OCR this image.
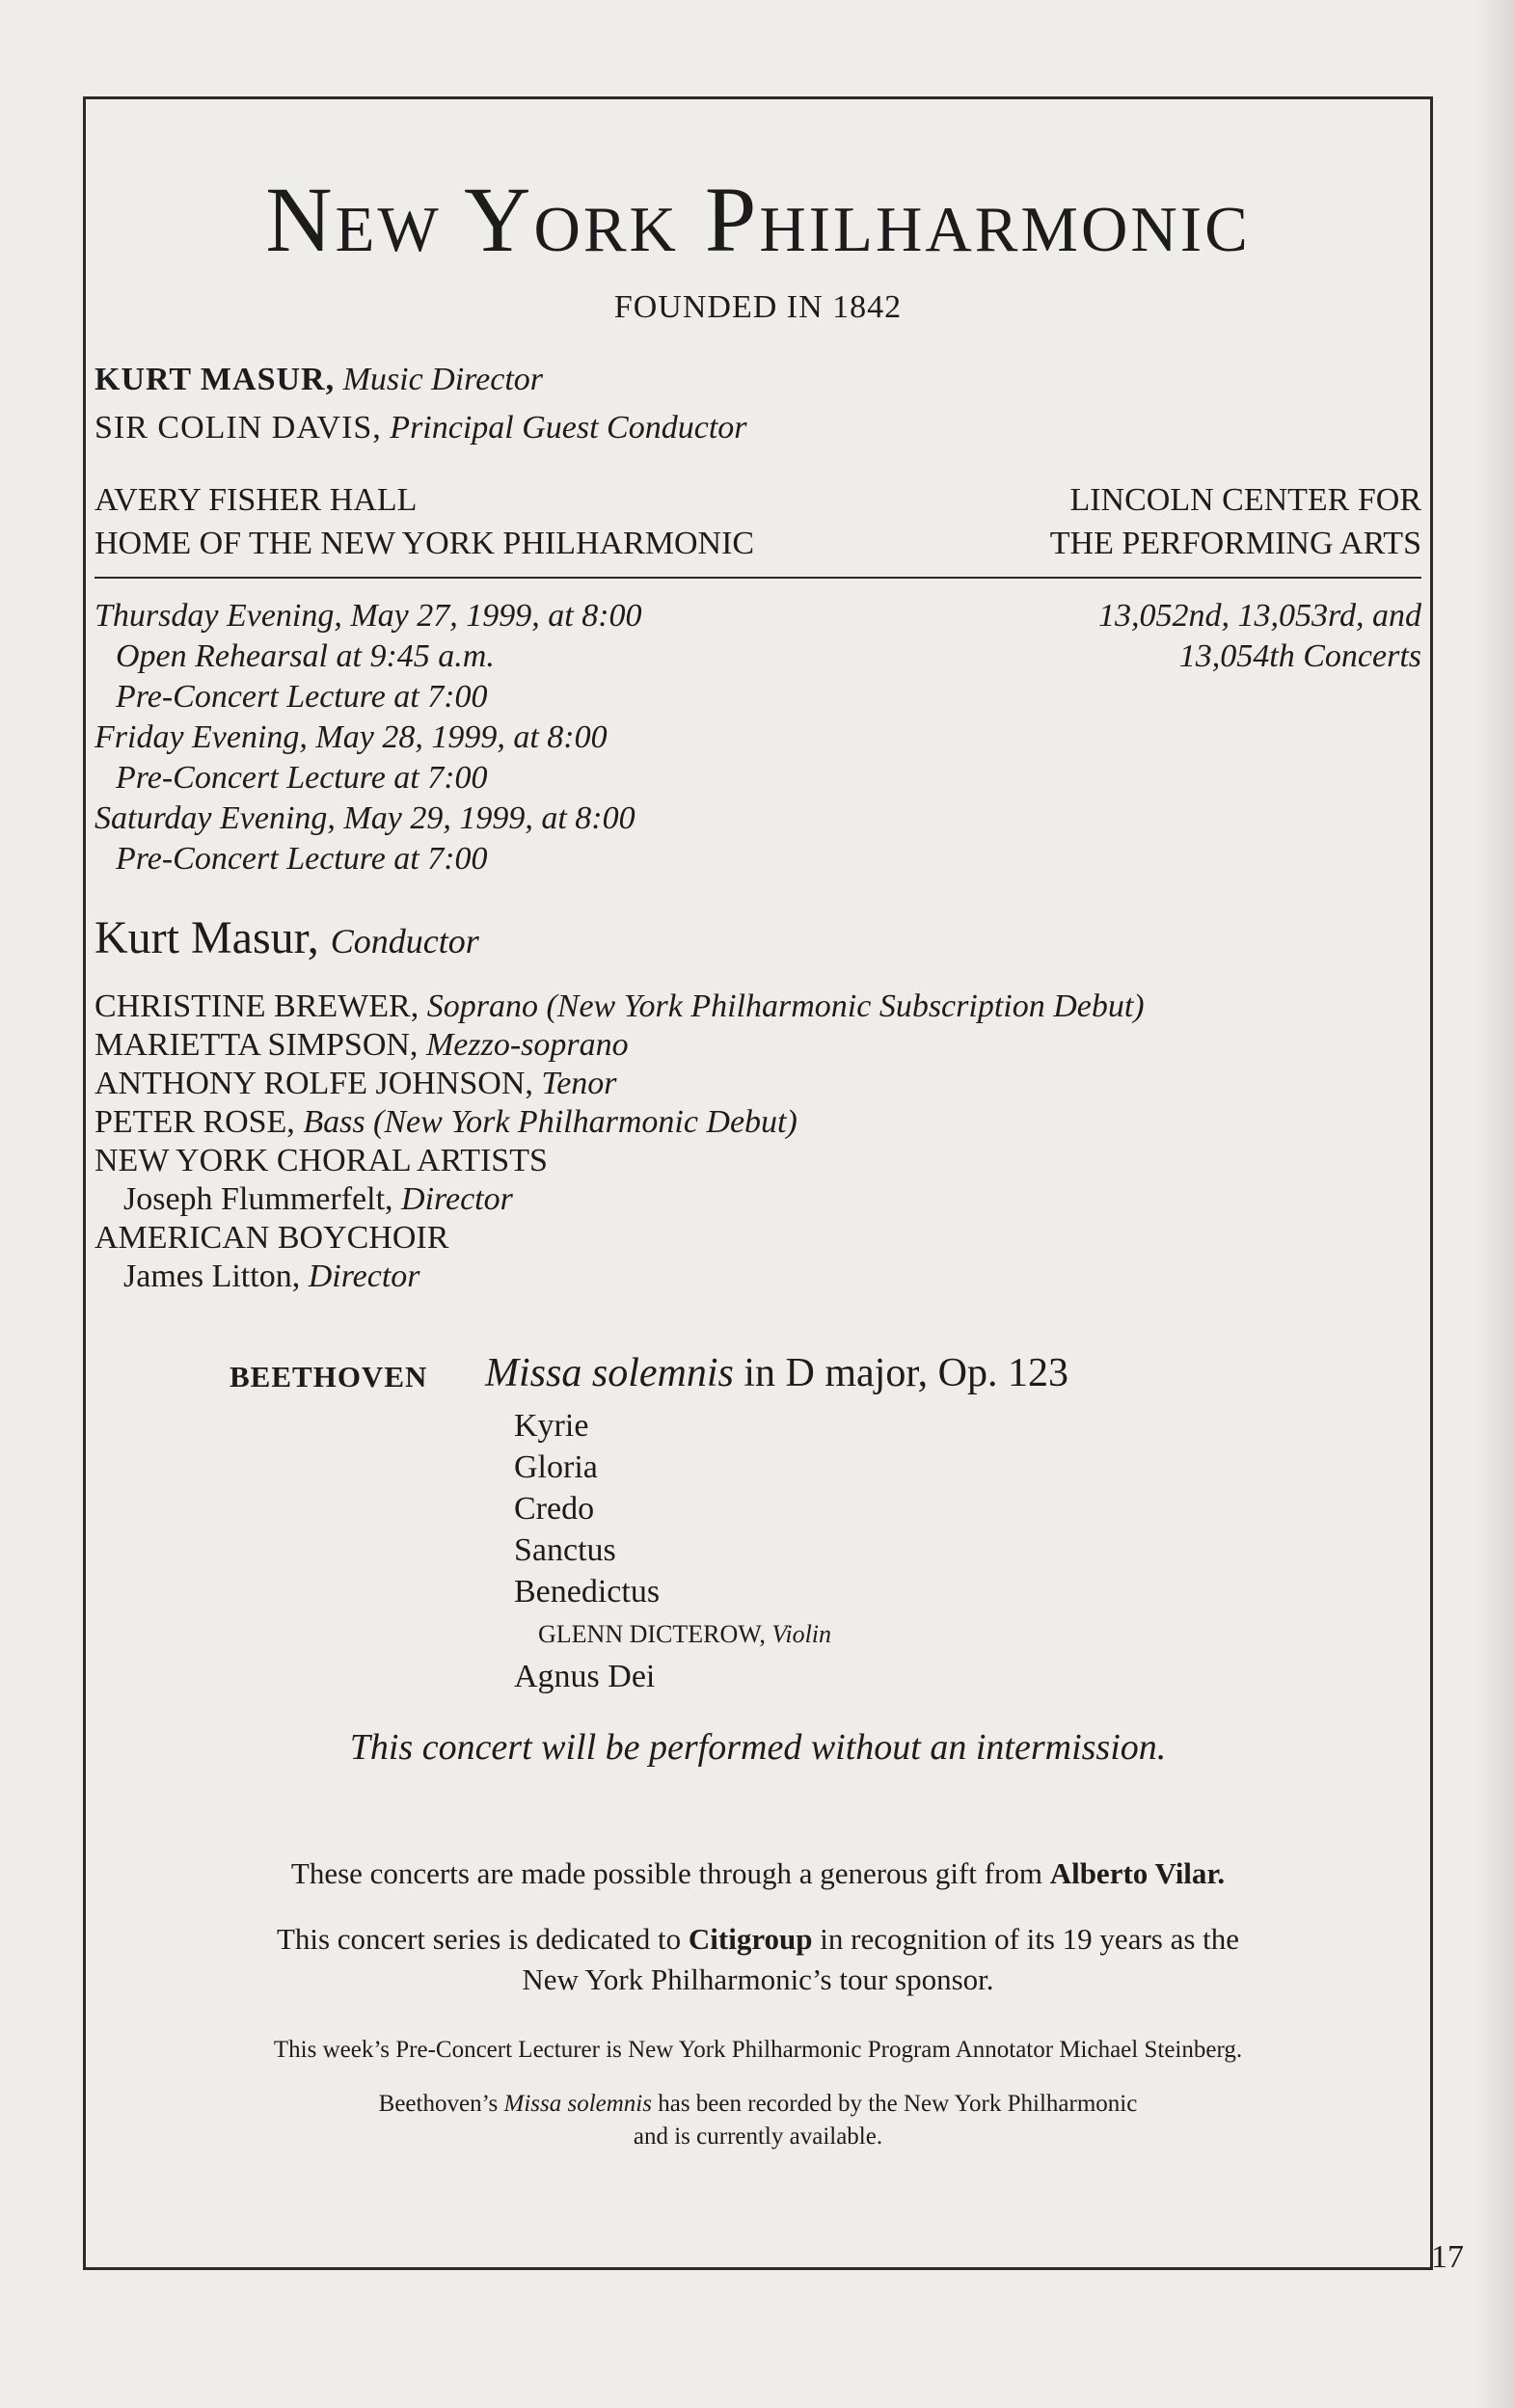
New York Philharmonic
FOUNDED IN 1842
KURT MASUR, Music Director
SIR COLIN DAVIS, Principal Guest Conductor
AVERY FISHER HALL
HOME OF THE NEW YORK PHILHARMONIC
LINCOLN CENTER FOR
THE PERFORMING ARTS
Thursday Evening, May 27, 1999, at 8:00
Open Rehearsal at 9:45 a.m.
Pre-Concert Lecture at 7:00
Friday Evening, May 28, 1999, at 8:00
Pre-Concert Lecture at 7:00
Saturday Evening, May 29, 1999, at 8:00
Pre-Concert Lecture at 7:00
13,052nd, 13,053rd, and
13,054th Concerts
Kurt Masur, Conductor
CHRISTINE BREWER, Soprano (New York Philharmonic Subscription Debut)
MARIETTA SIMPSON, Mezzo-soprano
ANTHONY ROLFE JOHNSON, Tenor
PETER ROSE, Bass (New York Philharmonic Debut)
NEW YORK CHORAL ARTISTS
Joseph Flummerfelt, Director
AMERICAN BOYCHOIR
James Litton, Director
BEETHOVEN Missa solemnis in D major, Op. 123
Kyrie
Gloria
Credo
Sanctus
Benedictus
GLENN DICTEROW, Violin
Agnus Dei
This concert will be performed without an intermission.
These concerts are made possible through a generous gift from Alberto Vilar.
This concert series is dedicated to Citigroup in recognition of its 19 years as the
New York Philharmonic’s tour sponsor.
This week’s Pre-Concert Lecturer is New York Philharmonic Program Annotator Michael Steinberg.
Beethoven’s Missa solemnis has been recorded by the New York Philharmonic
and is currently available.
17
